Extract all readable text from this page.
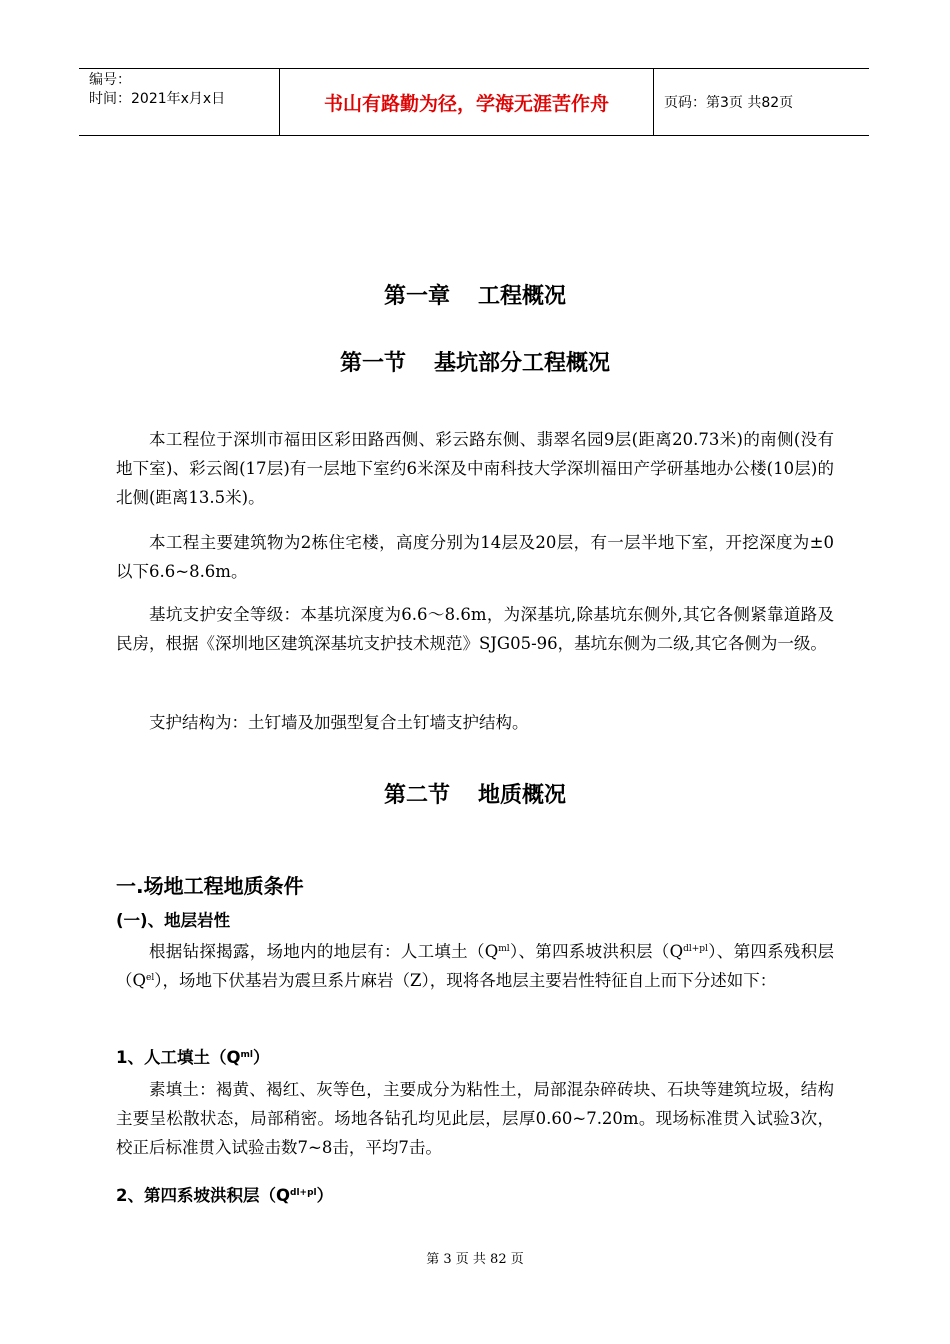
编号：
时间：2021年x月x日	书山有路勤为径，学海无涯苦作舟	页码：第3页 共82页
第一章 工程概况
第一节 基坑部分工程概况

本工程位于深圳市福田区彩田路西侧、彩云路东侧、翡翠名园9层(距离20.73米)的南侧(没有地下室)、彩云阁(17层)有一层地下室约6米深及中南科技大学深圳福田产学研基地办公楼(10层)的北侧(距离13.5米)。

本工程主要建筑物为2栋住宅楼，高度分别为14层及20层，有一层半地下室，开挖深度为±0以下6.6~8.6m。

基坑支护安全等级：本基坑深度为6.6～8.6m，为深基坑,除基坑东侧外,其它各侧紧靠道路及民房，根据《深圳地区建筑深基坑支护技术规范》SJG05-96，基坑东侧为二级,其它各侧为一级。

支护结构为：土钉墙及加强型复合土钉墙支护结构。

第二节 地质概况
一.场地工程地质条件
(一)、地层岩性

根据钻探揭露，场地内的地层有：人工填土$(Q^{ml})$、第四系坡洪积层$(Q^{dl+pl})$、第四系残积层$(Q^{el})$，场地下伏基岩为震旦系片麻岩（Z），现将各地层主要岩性特征自上而下分述如下：

1、人工填土$(Q^{ml})$

素填土：褐黄、褐红、灰等色，主要成分为粘性土，局部混杂碎砖块、石块等建筑垃圾，结构主要呈松散状态，局部稍密。场地各钻孔均见此层，层厚0.60~7.20m。现场标准贯入试验3次，校正后标准贯入试验击数7~8击，平均7击。

2、第四系坡洪积层$(Q^{dl+pl})$
第 3 页 共 82 页
